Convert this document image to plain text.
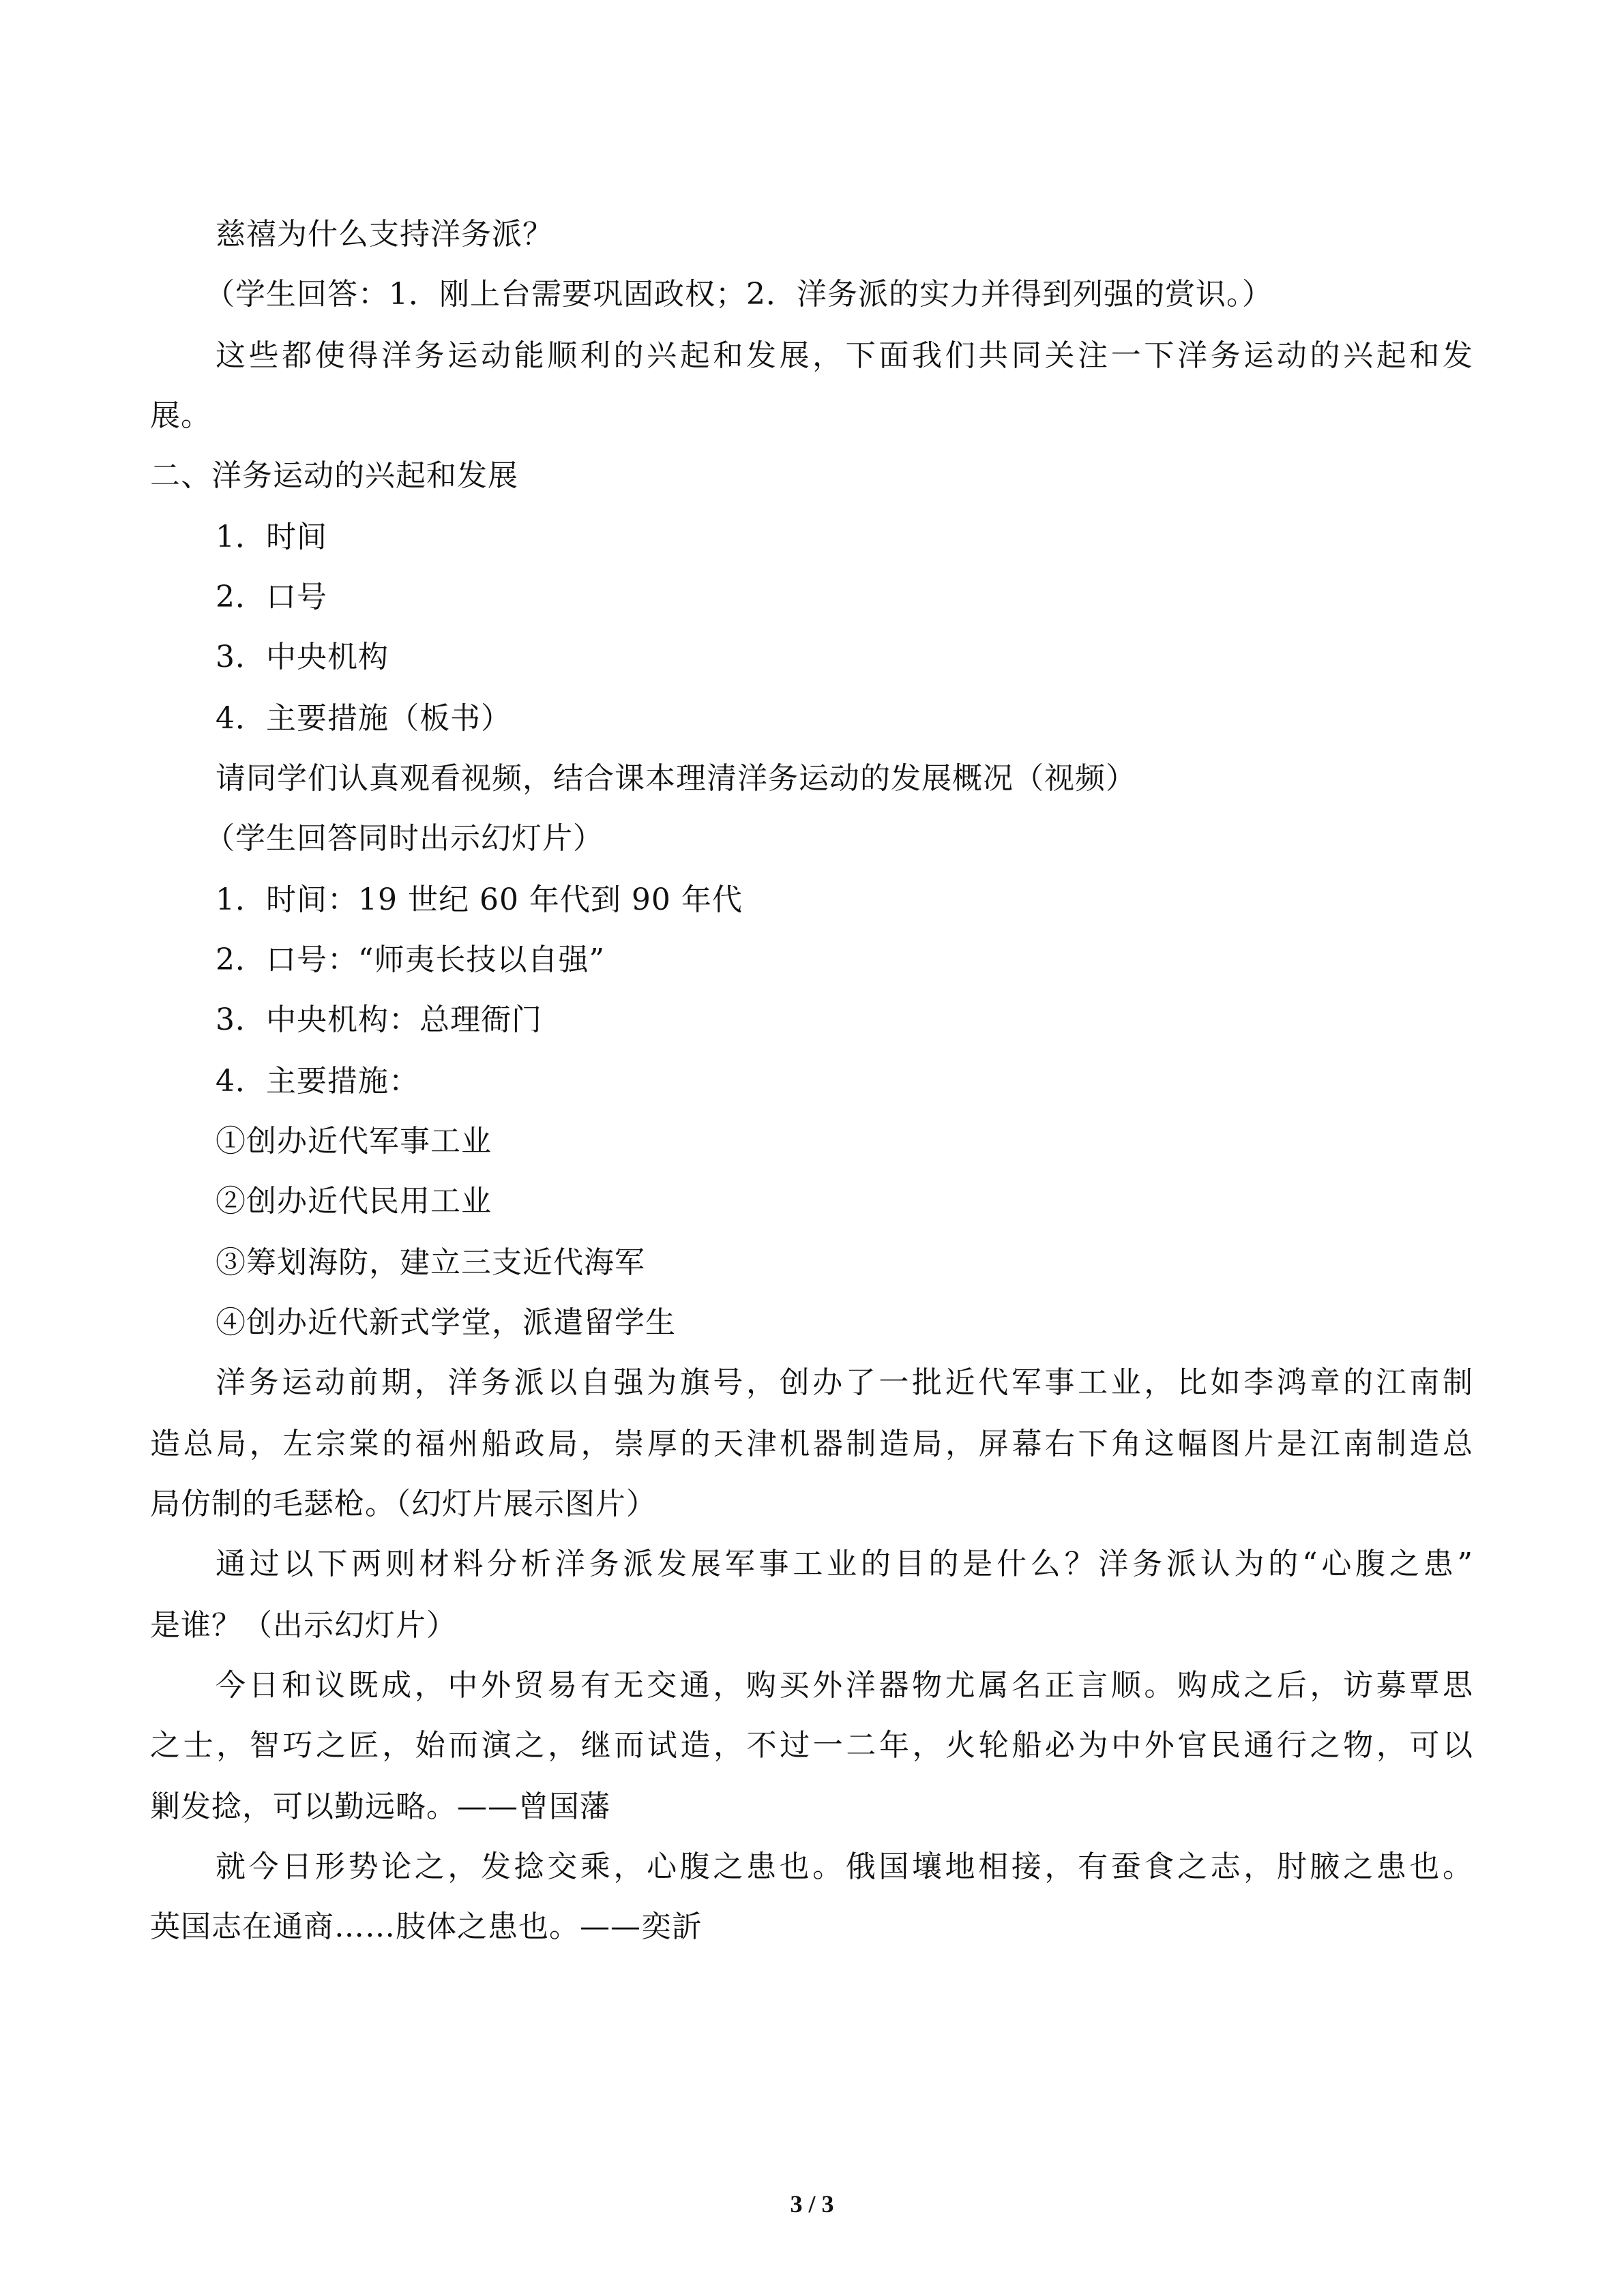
慈禧为什么支持洋务派？
（学生回答：1．刚上台需要巩固政权；2．洋务派的实力并得到列强的赏识。）
这些都使得洋务运动能顺利的兴起和发展，下面我们共同关注一下洋务运动的兴起和发
展。
二、洋务运动的兴起和发展
1．时间
2．口号
3．中央机构
4．主要措施（板书）
请同学们认真观看视频，结合课本理清洋务运动的发展概况（视频）
（学生回答同时出示幻灯片）
1．时间：19 世纪 60 年代到 90 年代
2．口号：“师夷长技以自强”
3．中央机构：总理衙门
4．主要措施：
①创办近代军事工业
②创办近代民用工业
③筹划海防，建立三支近代海军
④创办近代新式学堂，派遣留学生
洋务运动前期，洋务派以自强为旗号，创办了一批近代军事工业，比如李鸿章的江南制
造总局，左宗棠的福州船政局，崇厚的天津机器制造局，屏幕右下角这幅图片是江南制造总
局仿制的毛瑟枪。（幻灯片展示图片）
通过以下两则材料分析洋务派发展军事工业的目的是什么？洋务派认为的“心腹之患”
是谁？（出示幻灯片）
今日和议既成，中外贸易有无交通，购买外洋器物尤属名正言顺。购成之后，访募覃思
之士，智巧之匠，始而演之，继而试造，不过一二年，火轮船必为中外官民通行之物，可以
剿发捻，可以勤远略。——曾国藩
就今日形势论之，发捻交乘，心腹之患也。俄国壤地相接，有蚕食之志，肘腋之患也。
英国志在通商……肢体之患也。——奕訢
3 / 3
